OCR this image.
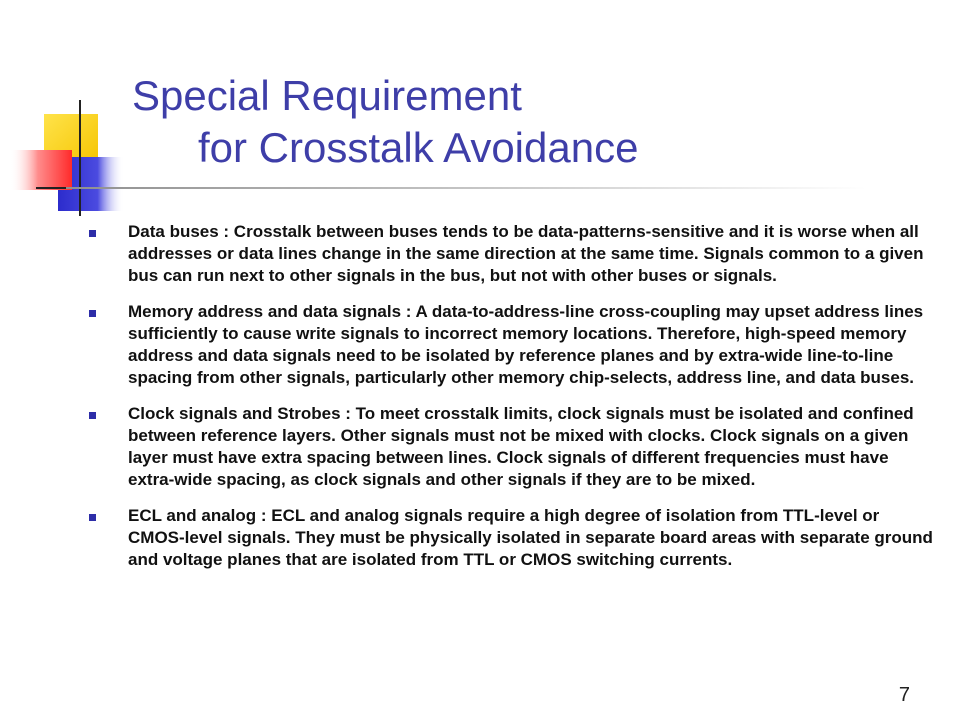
Special Requirement
for Crosstalk Avoidance
Data buses : Crosstalk between buses tends to be data-patterns-sensitive and it is worse when all addresses or data lines change in the same direction at the same time. Signals common to a given bus can run next to other signals in the bus, but not with other buses or signals.
Memory address and data signals : A data-to-address-line cross-coupling may upset address lines sufficiently to cause write signals to incorrect memory locations. Therefore, high-speed memory address and data signals need to be isolated by reference planes and by extra-wide line-to-line spacing from other signals, particularly other memory chip-selects, address line, and data buses.
Clock signals and Strobes : To meet crosstalk limits, clock signals must be isolated and confined between reference layers. Other signals must not be mixed with clocks. Clock signals on a given layer must have extra spacing between lines. Clock signals of different frequencies must have extra-wide spacing, as clock signals and other signals if they are to be mixed.
ECL and analog : ECL and analog signals require a high degree of isolation from TTL-level or CMOS-level signals. They must be physically isolated in separate board areas with separate ground and voltage planes that are isolated from TTL or CMOS switching currents.
7
